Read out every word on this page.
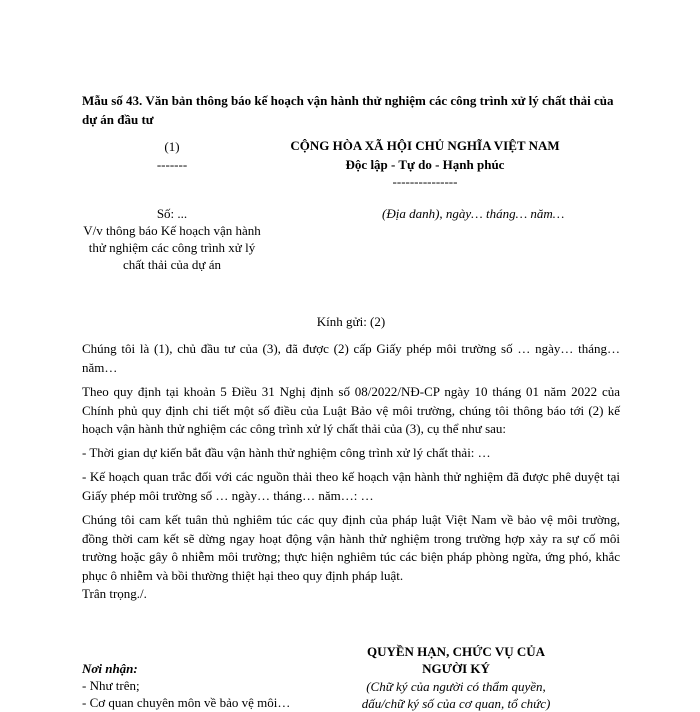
Mẫu số 43. Văn bản thông báo kế hoạch vận hành thử nghiệm các công trình xử lý chất thải của dự án đầu tư
(1)
-------
Số: ...
V/v thông báo Kế hoạch vận hành thử nghiệm các công trình xử lý chất thải của dự án
CỘNG HÒA XÃ HỘI CHỦ NGHĨA VIỆT NAM
Độc lập - Tự do - Hạnh phúc
---------------
(Địa danh), ngày… tháng… năm…
Kính gửi: (2)
Chúng tôi là (1), chủ đầu tư của (3), đã được (2) cấp Giấy phép môi trường số … ngày… tháng… năm…
Theo quy định tại khoản 5 Điều 31 Nghị định số 08/2022/NĐ-CP ngày 10 tháng 01 năm 2022 của Chính phủ quy định chi tiết một số điều của Luật Bảo vệ môi trường, chúng tôi thông báo tới (2) kế hoạch vận hành thử nghiệm các công trình xử lý chất thải của (3), cụ thể như sau:
- Thời gian dự kiến bắt đầu vận hành thử nghiệm công trình xử lý chất thải: …
- Kế hoạch quan trắc đối với các nguồn thải theo kế hoạch vận hành thử nghiệm đã được phê duyệt tại Giấy phép môi trường số … ngày… tháng… năm…: …
Chúng tôi cam kết tuân thủ nghiêm túc các quy định của pháp luật Việt Nam về bảo vệ môi trường, đồng thời cam kết sẽ dừng ngay hoạt động vận hành thử nghiệm trong trường hợp xảy ra sự cố môi trường hoặc gây ô nhiễm môi trường; thực hiện nghiêm túc các biện pháp phòng ngừa, ứng phó, khắc phục ô nhiễm và bồi thường thiệt hại theo quy định pháp luật.
Trân trọng./.
Nơi nhận:
- Như trên;
- Cơ quan chuyên môn về bảo vệ môi…
QUYỀN HẠN, CHỨC VỤ CỦA NGƯỜI KÝ
(Chữ ký của người có thẩm quyền, dấu/chữ ký số của cơ quan, tổ chức)
